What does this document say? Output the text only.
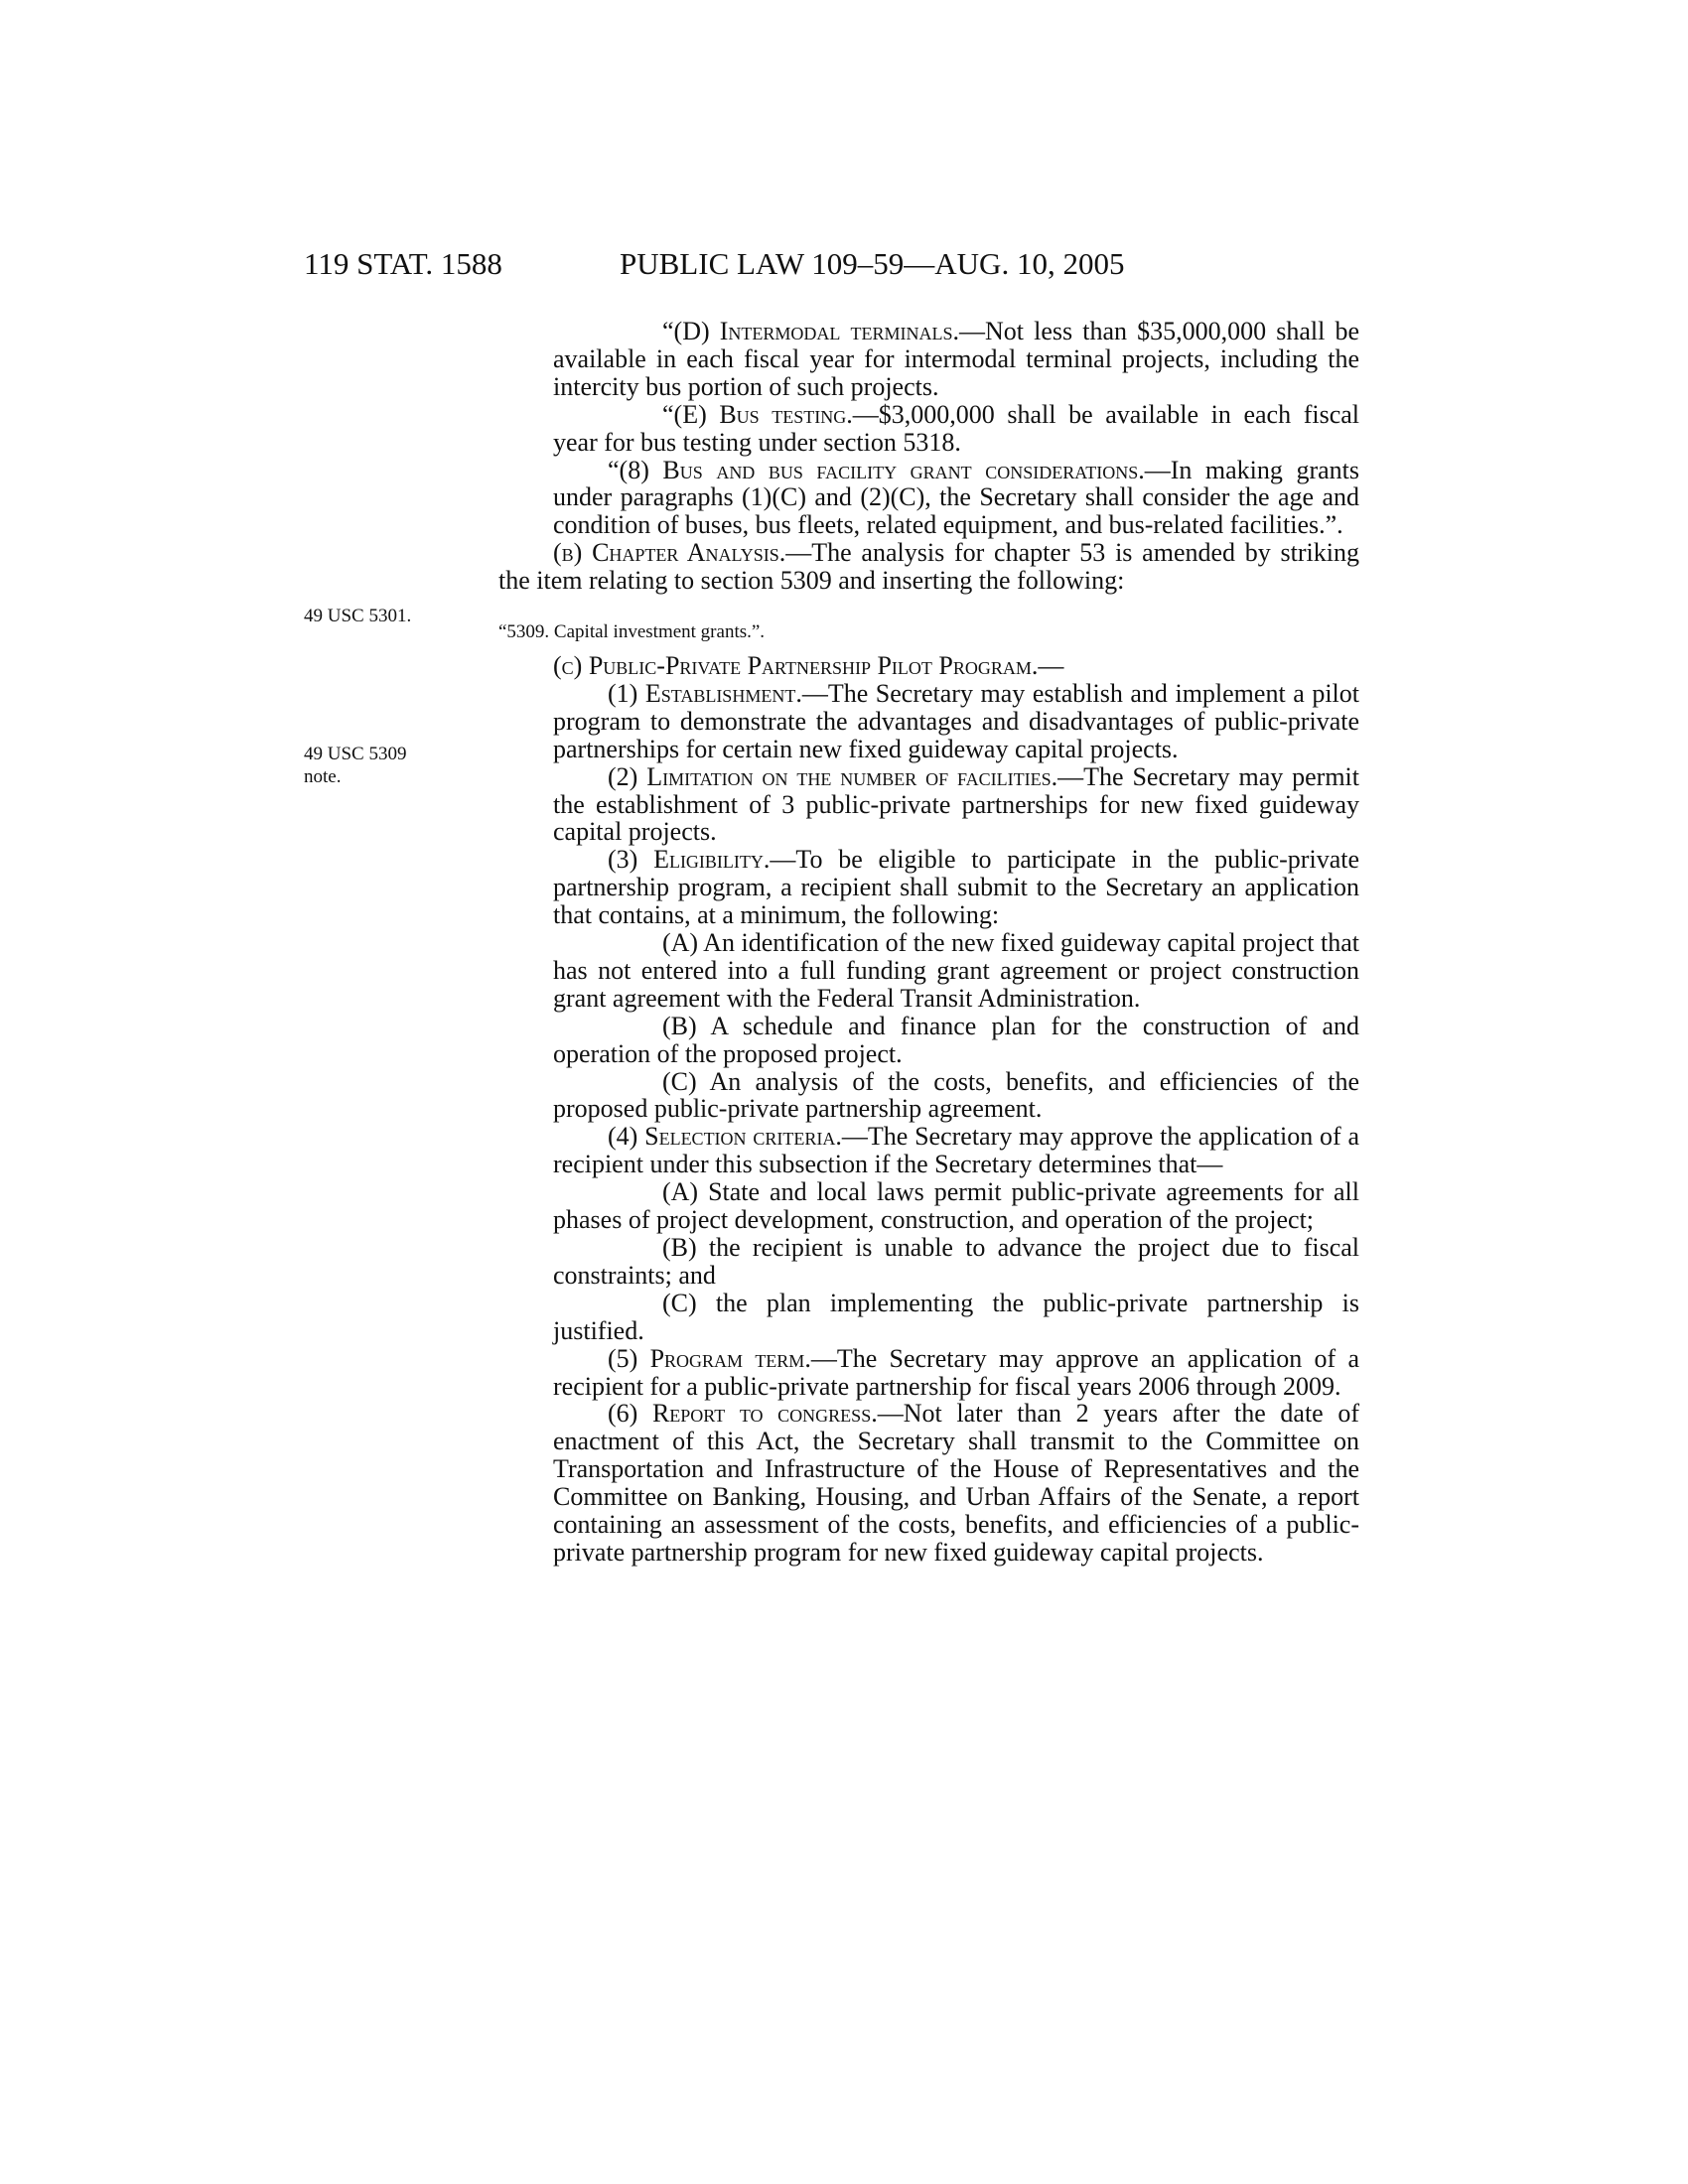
119 STAT. 1588	PUBLIC LAW 109–59—AUG. 10, 2005
49 USC 5301.
49 USC 5309
note.

“(D) Intermodal terminals.—Not less than $35,000,000 shall be available in each fiscal year for intermodal terminal projects, including the intercity bus portion of such projects.

“(E) Bus testing.—$3,000,000 shall be available in each fiscal year for bus testing under section 5318.

“(8) Bus and bus facility grant considerations.—In making grants under paragraphs (1)(C) and (2)(C), the Secretary shall consider the age and condition of buses, bus fleets, related equipment, and bus-related facilities.”.

(b) Chapter Analysis.—The analysis for chapter 53 is amended by striking the item relating to section 5309 and inserting the following:

“5309. Capital investment grants.”.

(c) Public-Private Partnership Pilot Program.—

(1) Establishment.—The Secretary may establish and implement a pilot program to demonstrate the advantages and disadvantages of public-private partnerships for certain new fixed guideway capital projects.

(2) Limitation on the number of facilities.—The Secretary may permit the establishment of 3 public-private partnerships for new fixed guideway capital projects.

(3) Eligibility.—To be eligible to participate in the public-private partnership program, a recipient shall submit to the Secretary an application that contains, at a minimum, the following:

(A) An identification of the new fixed guideway capital project that has not entered into a full funding grant agreement or project construction grant agreement with the Federal Transit Administration.

(B) A schedule and finance plan for the construction of and operation of the proposed project.

(C) An analysis of the costs, benefits, and efficiencies of the proposed public-private partnership agreement.

(4) Selection criteria.—The Secretary may approve the application of a recipient under this subsection if the Secretary determines that—

(A) State and local laws permit public-private agreements for all phases of project development, construction, and operation of the project;

(B) the recipient is unable to advance the project due to fiscal constraints; and

(C) the plan implementing the public-private partnership is justified.

(5) Program term.—The Secretary may approve an application of a recipient for a public-private partnership for fiscal years 2006 through 2009.

(6) Report to congress.—Not later than 2 years after the date of enactment of this Act, the Secretary shall transmit to the Committee on Transportation and Infrastructure of the House of Representatives and the Committee on Banking, Housing, and Urban Affairs of the Senate, a report containing an assessment of the costs, benefits, and efficiencies of a public-private partnership program for new fixed guideway capital projects.
